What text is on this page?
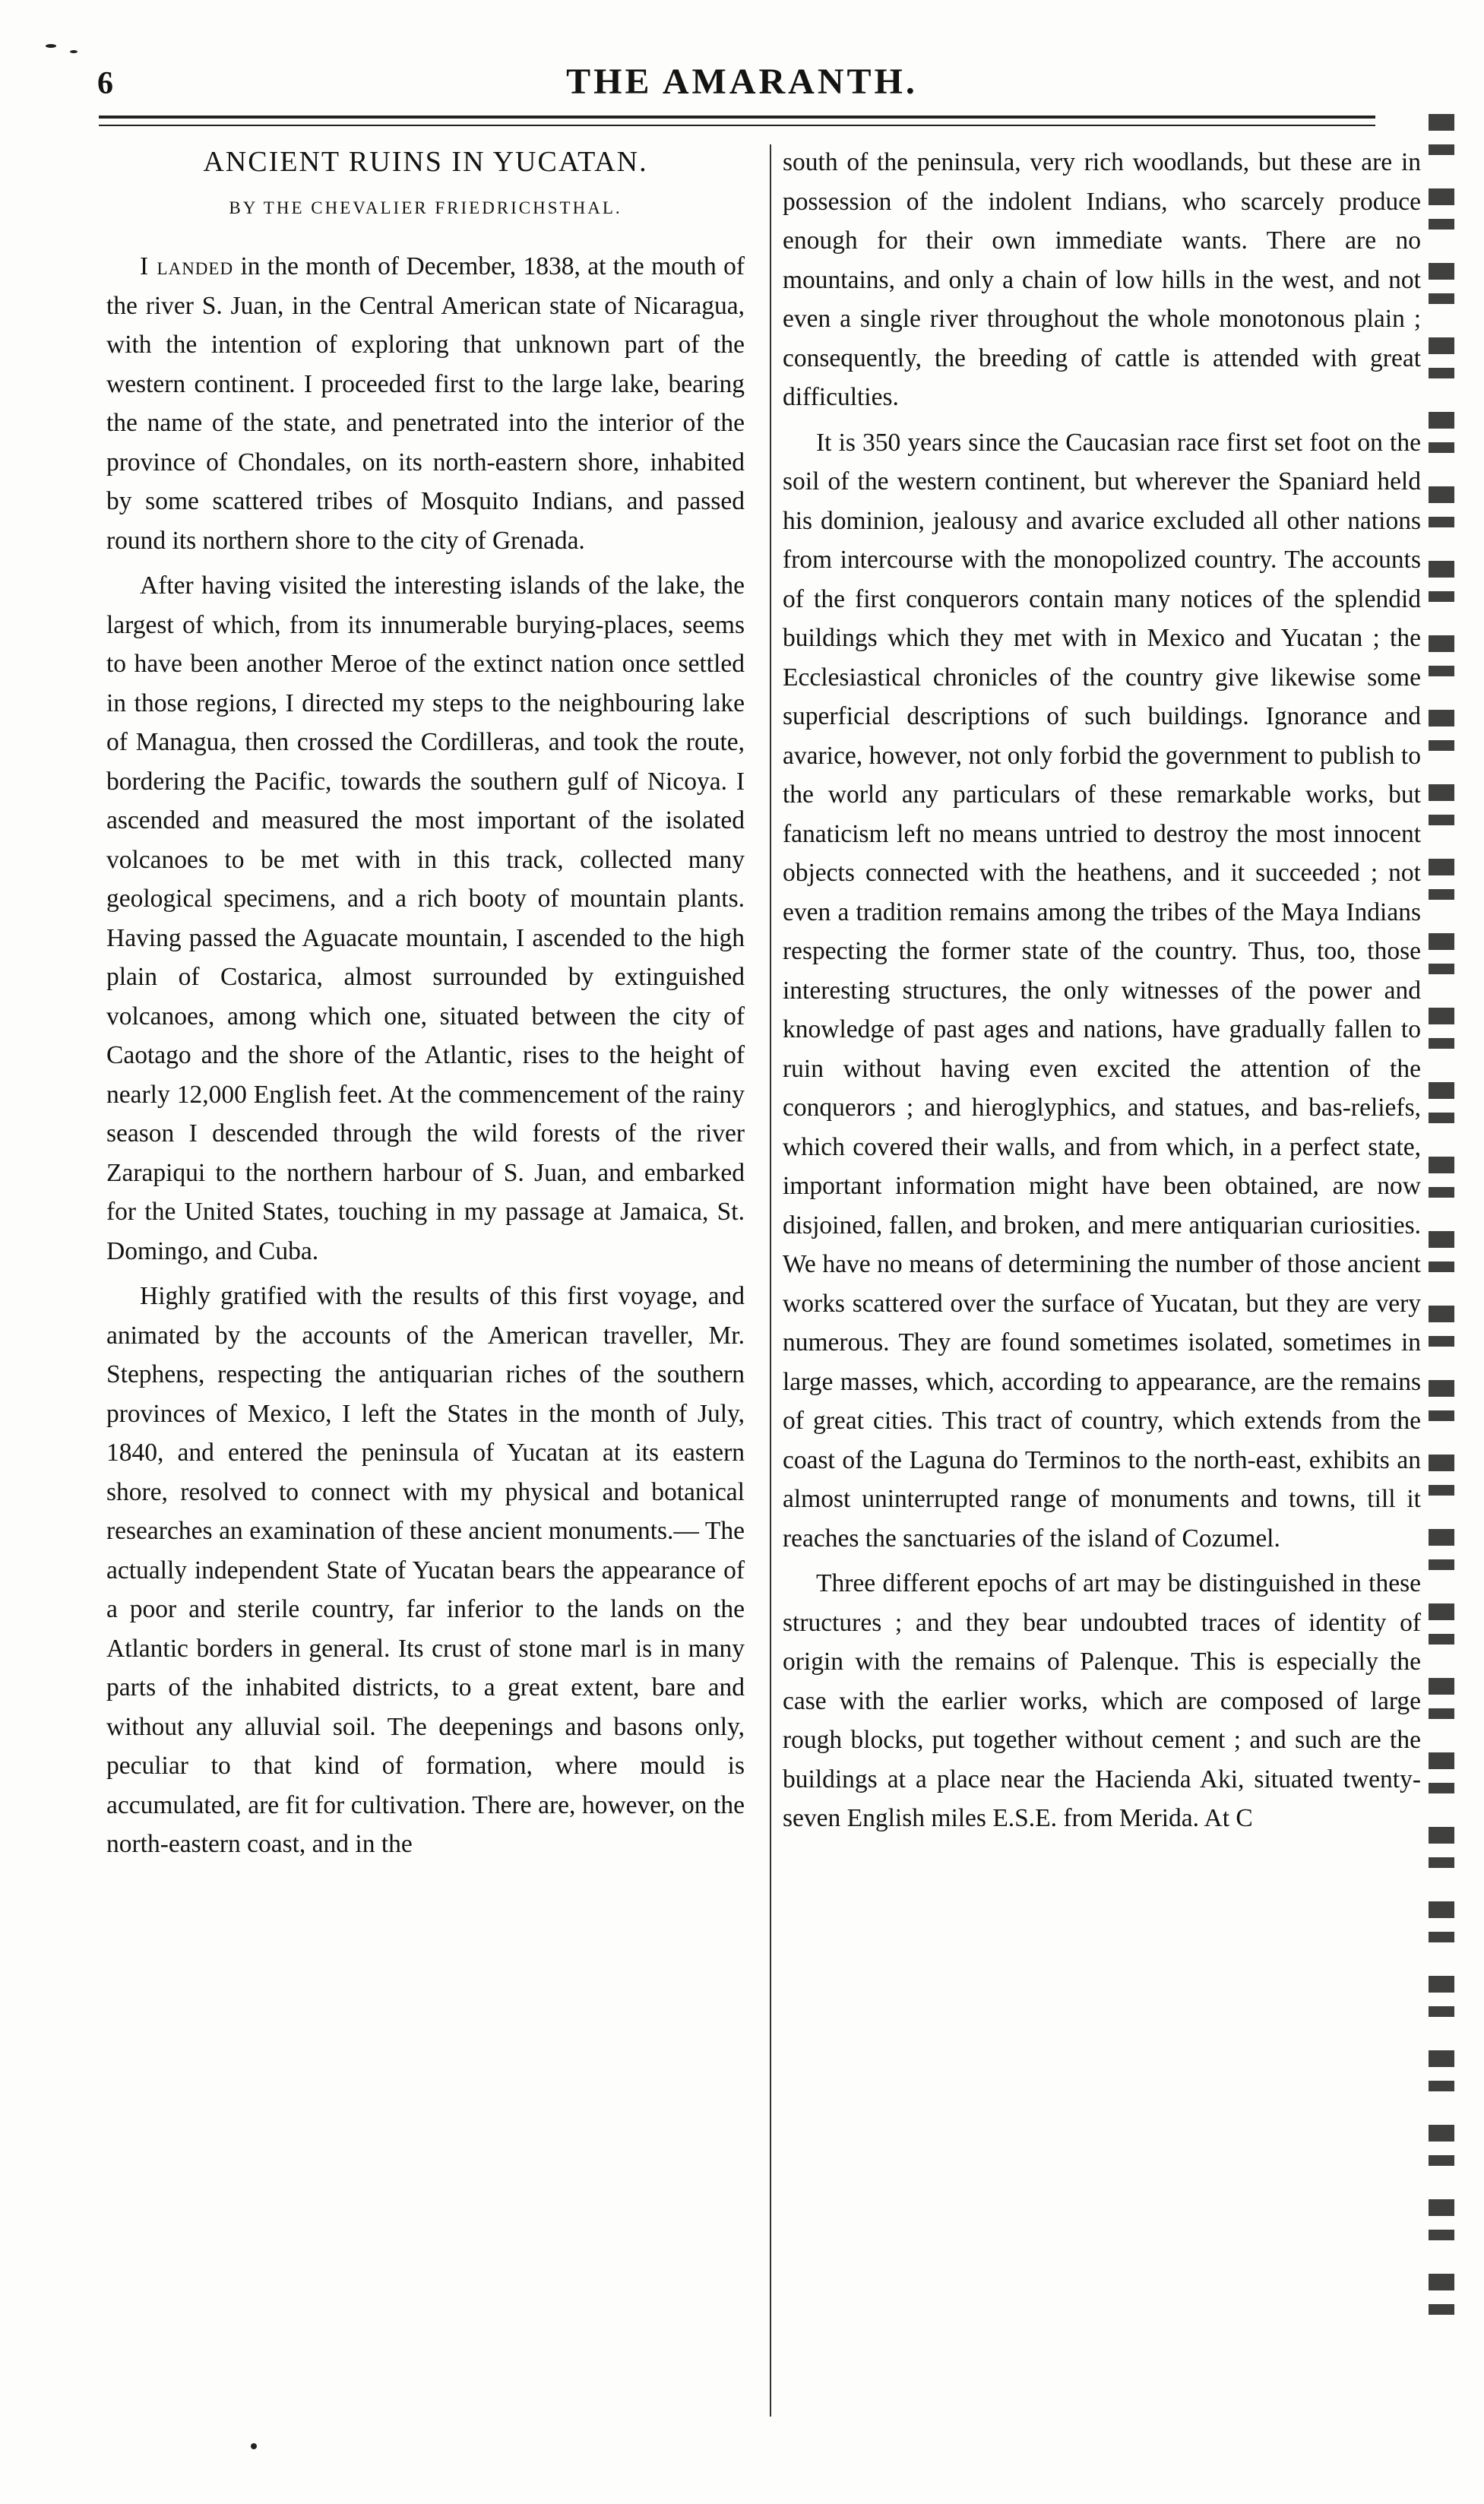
6	THE AMARANTH.
ANCIENT RUINS IN YUCATAN.
BY THE CHEVALIER FRIEDRICHSTHAL.

I landed in the month of December, 1838, at the mouth of the river S. Juan, in the Central American state of Nicaragua, with the intention of exploring that unknown part of the western continent. I proceeded first to the large lake, bearing the name of the state, and penetrated into the interior of the province of Chondales, on its north-eastern shore, inhabited by some scattered tribes of Mosquito Indians, and passed round its northern shore to the city of Grenada.

After having visited the interesting islands of the lake, the largest of which, from its innumerable burying-places, seems to have been another Meroe of the extinct nation once settled in those regions, I directed my steps to the neighbouring lake of Managua, then crossed the Cordilleras, and took the route, bordering the Pacific, towards the southern gulf of Nicoya. I ascended and measured the most important of the isolated volcanoes to be met with in this track, collected many geological specimens, and a rich booty of mountain plants. Having passed the Aguacate mountain, I ascended to the high plain of Costarica, almost surrounded by extinguished volcanoes, among which one, situated between the city of Caotago and the shore of the Atlantic, rises to the height of nearly 12,000 English feet. At the commencement of the rainy season I descended through the wild forests of the river Zarapiqui to the northern harbour of S. Juan, and embarked for the United States, touching in my passage at Jamaica, St. Domingo, and Cuba.

Highly gratified with the results of this first voyage, and animated by the accounts of the American traveller, Mr. Stephens, respecting the antiquarian riches of the southern provinces of Mexico, I left the States in the month of July, 1840, and entered the peninsula of Yucatan at its eastern shore, resolved to connect with my physical and botanical researches an examination of these ancient monuments.— The actually independent State of Yucatan bears the appearance of a poor and sterile country, far inferior to the lands on the Atlantic borders in general. Its crust of stone marl is in many parts of the inhabited districts, to a great extent, bare and without any alluvial soil. The deepenings and basons only, peculiar to that kind of formation, where mould is accumulated, are fit for cultivation. There are, however, on the north-eastern coast, and in the

south of the peninsula, very rich woodlands, but these are in possession of the indolent Indians, who scarcely produce enough for their own immediate wants. There are no mountains, and only a chain of low hills in the west, and not even a single river throughout the whole monotonous plain ; consequently, the breeding of cattle is attended with great difficulties.

It is 350 years since the Caucasian race first set foot on the soil of the western continent, but wherever the Spaniard held his dominion, jealousy and avarice excluded all other nations from intercourse with the monopolized country. The accounts of the first conquerors contain many notices of the splendid buildings which they met with in Mexico and Yucatan ; the Ecclesiastical chronicles of the country give likewise some superficial descriptions of such buildings. Ignorance and avarice, however, not only forbid the government to publish to the world any particulars of these remarkable works, but fanaticism left no means untried to destroy the most innocent objects connected with the heathens, and it succeeded ; not even a tradition remains among the tribes of the Maya Indians respecting the former state of the country. Thus, too, those interesting structures, the only witnesses of the power and knowledge of past ages and nations, have gradually fallen to ruin without having even excited the attention of the conquerors ; and hieroglyphics, and statues, and bas-reliefs, which covered their walls, and from which, in a perfect state, important information might have been obtained, are now disjoined, fallen, and broken, and mere antiquarian curiosities. We have no means of determining the number of those ancient works scattered over the surface of Yucatan, but they are very numerous. They are found sometimes isolated, sometimes in large masses, which, according to appearance, are the remains of great cities. This tract of country, which extends from the coast of the Laguna do Terminos to the north-east, exhibits an almost uninterrupted range of monuments and towns, till it reaches the sanctuaries of the island of Cozumel.

Three different epochs of art may be distinguished in these structures ; and they bear undoubted traces of identity of origin with the remains of Palenque. This is especially the case with the earlier works, which are composed of large rough blocks, put together without cement ; and such are the buildings at a place near the Hacienda Aki, situated twenty-seven English miles E.S.E. from Merida. At C
